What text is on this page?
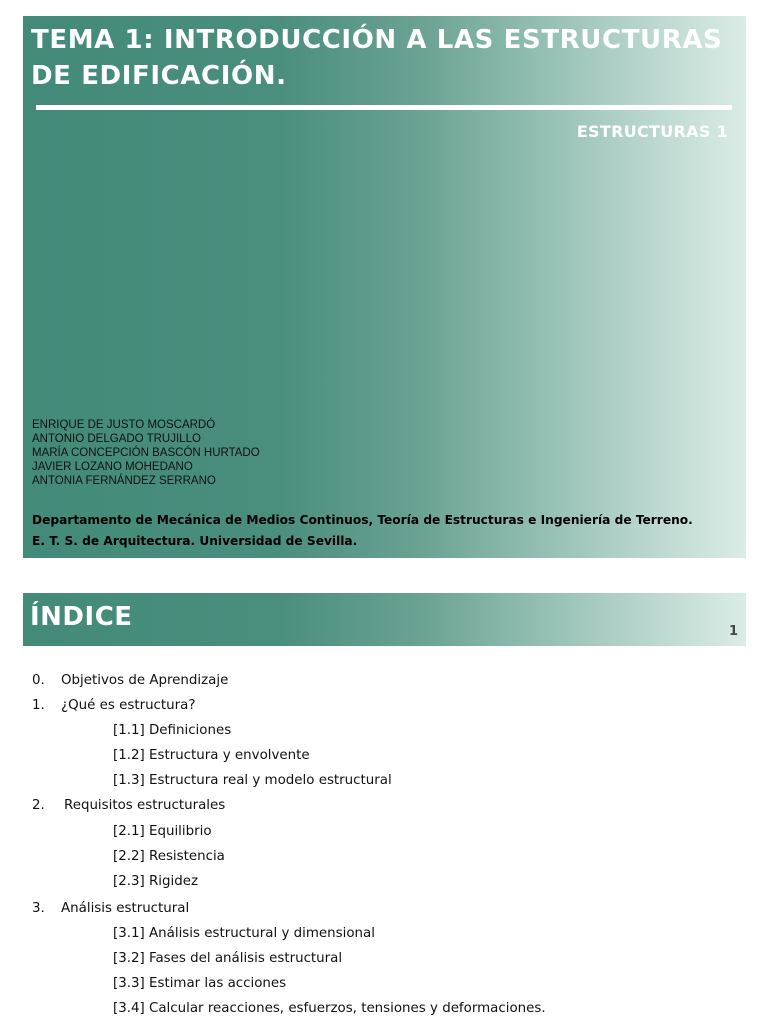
TEMA 1: INTRODUCCIÓN A LAS ESTRUCTURAS
DE EDIFICACIÓN.
ESTRUCTURAS 1
ENRIQUE DE JUSTO MOSCARDÓ
ANTONIO DELGADO TRUJILLO
MARÍA CONCEPCIÓN BASCÓN HURTADO
JAVIER LOZANO MOHEDANO
ANTONIA FERNÁNDEZ SERRANO
Departamento de Mecánica de Medios Continuos, Teoría de Estructuras e Ingeniería de Terreno.
E. T. S. de Arquitectura. Universidad de Sevilla.
ÍNDICE	1
0.	Objetivos de Aprendizaje
1.	¿Qué es estructura?
[1.1] Definiciones
[1.2] Estructura y envolvente
[1.3] Estructura real y modelo estructural
2.	Requisitos estructurales
[2.1] Equilibrio
[2.2] Resistencia
[2.3] Rigidez
3.	Análisis estructural
[3.1] Análisis estructural y dimensional
[3.2] Fases del análisis estructural
[3.3] Estimar las acciones
[3.4] Calcular reacciones, esfuerzos, tensiones y deformaciones.
